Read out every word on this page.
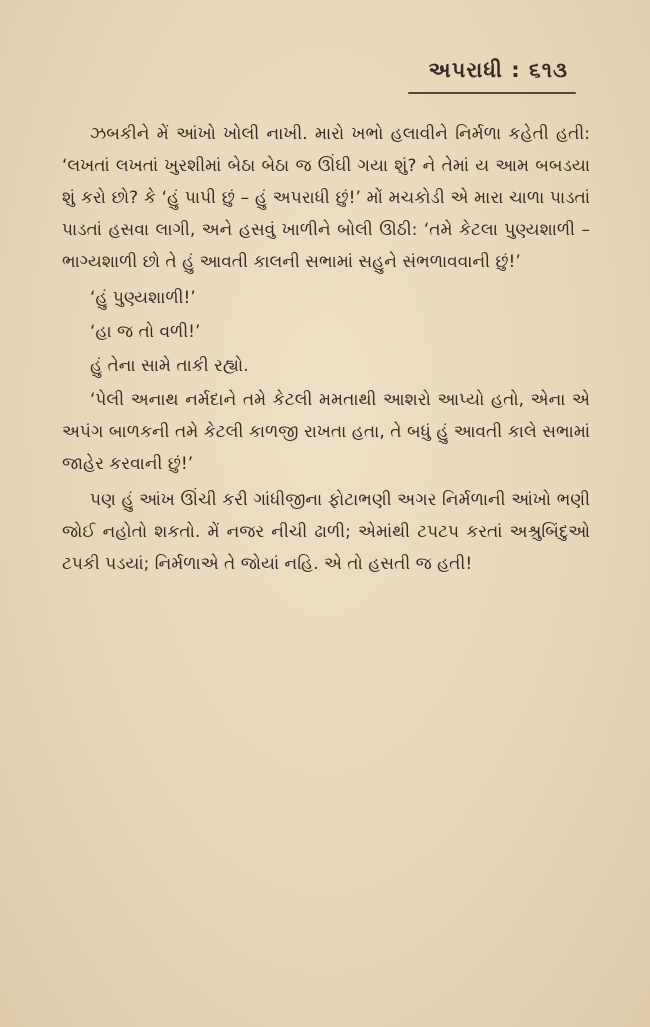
અપરાધી : ૬૧૩

ઝબકીને મેં આંખો ખોલી નાખી. મારો ખભો હલાવીને નિર્મળા કહેતી હતી: ‘લખતાં લખતાં ખુરશીમાં બેઠા બેઠા જ ઊંઘી ગયા શું? ને તેમાં ય આમ બબડયા શું કરો છો? કે ‘હું પાપી છું – હું અપરાધી છું!’ મોં મચકોડી એ મારા ચાળા પાડતાં પાડતાં હસવા લાગી, અને હસવું ખાળીને બોલી ઊઠી: ‘તમે કેટલા પુણ્યશાળી – ભાગ્યશાળી છો તે હું આવતી કાલની સભામાં સહુને સંભળાવવાની છું!’

‘હું પુણ્યશાળી!’

‘હા જ તો વળી!’

હું તેના સામે તાકી રહ્યો.

‘પેલી અનાથ નર્મદાને તમે કેટલી મમતાથી આશરો આપ્યો હતો, એના એ અપંગ બાળકની તમે કેટલી કાળજી રાખતા હતા, તે બધું હું આવતી કાલે સભામાં જાહેર કરવાની છું!’

પણ હું આંખ ઊંચી કરી ગાંધીજીના ફોટાભણી અગર નિર્મળાની આંખો ભણી જોઈ નહોતો શકતો. મેં નજર નીચી ઢાળી; એમાંથી ટપટપ કરતાં અશ્રુબિંદુઓ ટપકી પડયાં; નિર્મળાએ તે જોયાં નહિ. એ તો હસતી જ હતી!
